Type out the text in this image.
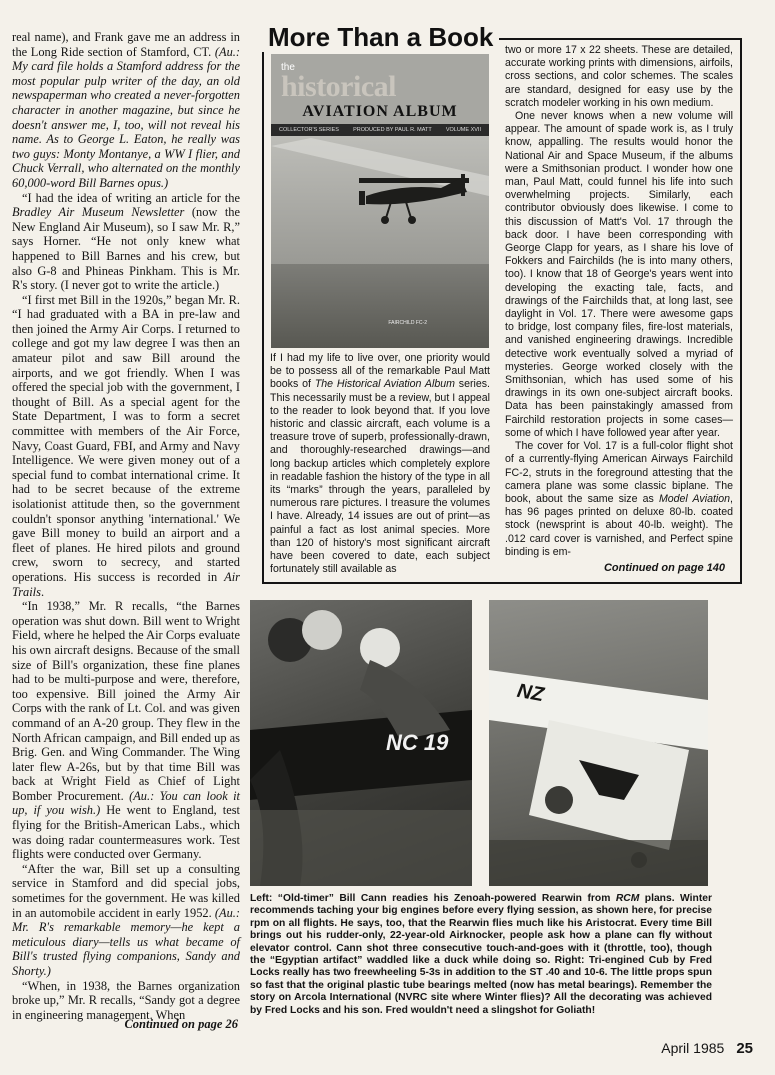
real name), and Frank gave me an address in the Long Ride section of Stamford, CT. (Au.: My card file holds a Stamford address for the most popular pulp writer of the day, an old newspaperman who created a never-forgotten character in another magazine, but since he doesn't answer me, I, too, will not reveal his name. As to George L. Eaton, he really was two guys: Monty Montanye, a WW I flier, and Chuck Verrall, who alternated on the monthly 60,000-word Bill Barnes opus.)

“I had the idea of writing an article for the Bradley Air Museum Newsletter (now the New England Air Museum), so I saw Mr. R,” says Horner. “He not only knew what happened to Bill Barnes and his crew, but also G-8 and Phineas Pinkham. This is Mr. R's story. (I never got to write the article.)

“I first met Bill in the 1920s,” began Mr. R. “I had graduated with a BA in pre-law and then joined the Army Air Corps. I returned to college and got my law degree I was then an amateur pilot and saw Bill around the airports, and we got friendly. When I was offered the special job with the government, I thought of Bill. As a special agent for the State Department, I was to form a secret committee with members of the Air Force, Navy, Coast Guard, FBI, and Army and Navy Intelligence. We were given money out of a special fund to combat international crime. It had to be secret because of the extreme isolationist attitude then, so the government couldn't sponsor anything 'international.' We gave Bill money to build an airport and a fleet of planes. He hired pilots and ground crew, sworn to secrecy, and started operations. His success is recorded in Air Trails.

“In 1938,” Mr. R recalls, “the Barnes operation was shut down. Bill went to Wright Field, where he helped the Air Corps evaluate his own aircraft designs. Because of the small size of Bill's organization, these fine planes had to be multi-purpose and were, therefore, too expensive. Bill joined the Army Air Corps with the rank of Lt. Col. and was given command of an A-20 group. They flew in the North African campaign, and Bill ended up as Brig. Gen. and Wing Commander. The Wing later flew A-26s, but by that time Bill was back at Wright Field as Chief of Light Bomber Procurement. (Au.: You can look it up, if you wish.) He went to England, test flying for the British-American Labs., which was doing radar countermeasures work. Test flights were conducted over Germany.

“After the war, Bill set up a consulting service in Stamford and did special jobs, sometimes for the government. He was killed in an automobile accident in early 1952. (Au.: Mr. R's remarkable memory—he kept a meticulous diary—tells us what became of Bill's trusted flying companions, Sandy and Shorty.)

“When, in 1938, the Barnes organization broke up,” Mr. R recalls, “Sandy got a degree in engineering management. When

Continued on page 26
More Than a Book
the
historical
AVIATION ALBUM
COLLECTOR'S SERIES	PRODUCED BY PAUL R. MATT	VOLUME XVII
FAIRCHILD FC-2

If I had my life to live over, one priority would be to possess all of the remarkable Paul Matt books of The Historical Aviation Album series. This necessarily must be a review, but I appeal to the reader to look beyond that. If you love historic and classic aircraft, each volume is a treasure trove of superb, professionally-drawn, and thoroughly-researched drawings—and long backup articles which completely explore in readable fashion the history of the type in all its “marks” through the years, paralleled by numerous rare pictures. I treasure the volumes I have. Already, 14 issues are out of print—as painful a fact as lost animal species. More than 120 of history's most significant aircraft have been covered to date, each subject fortunately still available as

two or more 17 x 22 sheets. These are detailed, accurate working prints with dimensions, airfoils, cross sections, and color schemes. The scales are standard, designed for easy use by the scratch modeler working in his own medium.

One never knows when a new volume will appear. The amount of spade work is, as I truly know, appalling. The results would honor the National Air and Space Museum, if the albums were a Smithsonian product. I wonder how one man, Paul Matt, could funnel his life into such overwhelming projects. Similarly, each contributor obviously does likewise. I come to this discussion of Matt's Vol. 17 through the back door. I have been corresponding with George Clapp for years, as I share his love of Fokkers and Fairchilds (he is into many others, too). I know that 18 of George's years went into developing the exacting tale, facts, and drawings of the Fairchilds that, at long last, see daylight in Vol. 17. There were awesome gaps to bridge, lost company files, fire-lost materials, and vanished engineering drawings. Incredible detective work eventually solved a myriad of mysteries. George worked closely with the Smithsonian, which has used some of his drawings in its own one-subject aircraft books. Data has been painstakingly amassed from Fairchild restoration projects in some cases—some of which I have followed year after year.

The cover for Vol. 17 is a full-color flight shot of a currently-flying American Airways Fairchild FC-2, struts in the foreground attesting that the camera plane was some classic biplane. The book, about the same size as Model Aviation, has 96 pages printed on deluxe 80-lb. coated stock (newsprint is about 40-lb. weight). The .012 card cover is varnished, and Perfect spine binding is em-

Continued on page 140
NC 19
NZ
Left: “Old-timer” Bill Cann readies his Zenoah-powered Rearwin from RCM plans. Winter recommends taching your big engines before every flying session, as shown here, for precise rpm on all flights. He says, too, that the Rearwin flies much like his Aristocrat. Every time Bill brings out his rudder-only, 22-year-old Airknocker, people ask how a plane can fly without elevator control. Cann shot three consecutive touch-and-goes with it (throttle, too), though the “Egyptian artifact” waddled like a duck while doing so. Right: Tri-engined Cub by Fred Locks really has two freewheeling 5-3s in addition to the ST .40 and 10-6. The little props spun so fast that the original plastic tube bearings melted (now has metal bearings). Remember the story on Arcola International (NVRC site where Winter flies)? All the decorating was achieved by Fred Locks and his son. Fred wouldn't need a slingshot for Goliath!
April 1985 25
